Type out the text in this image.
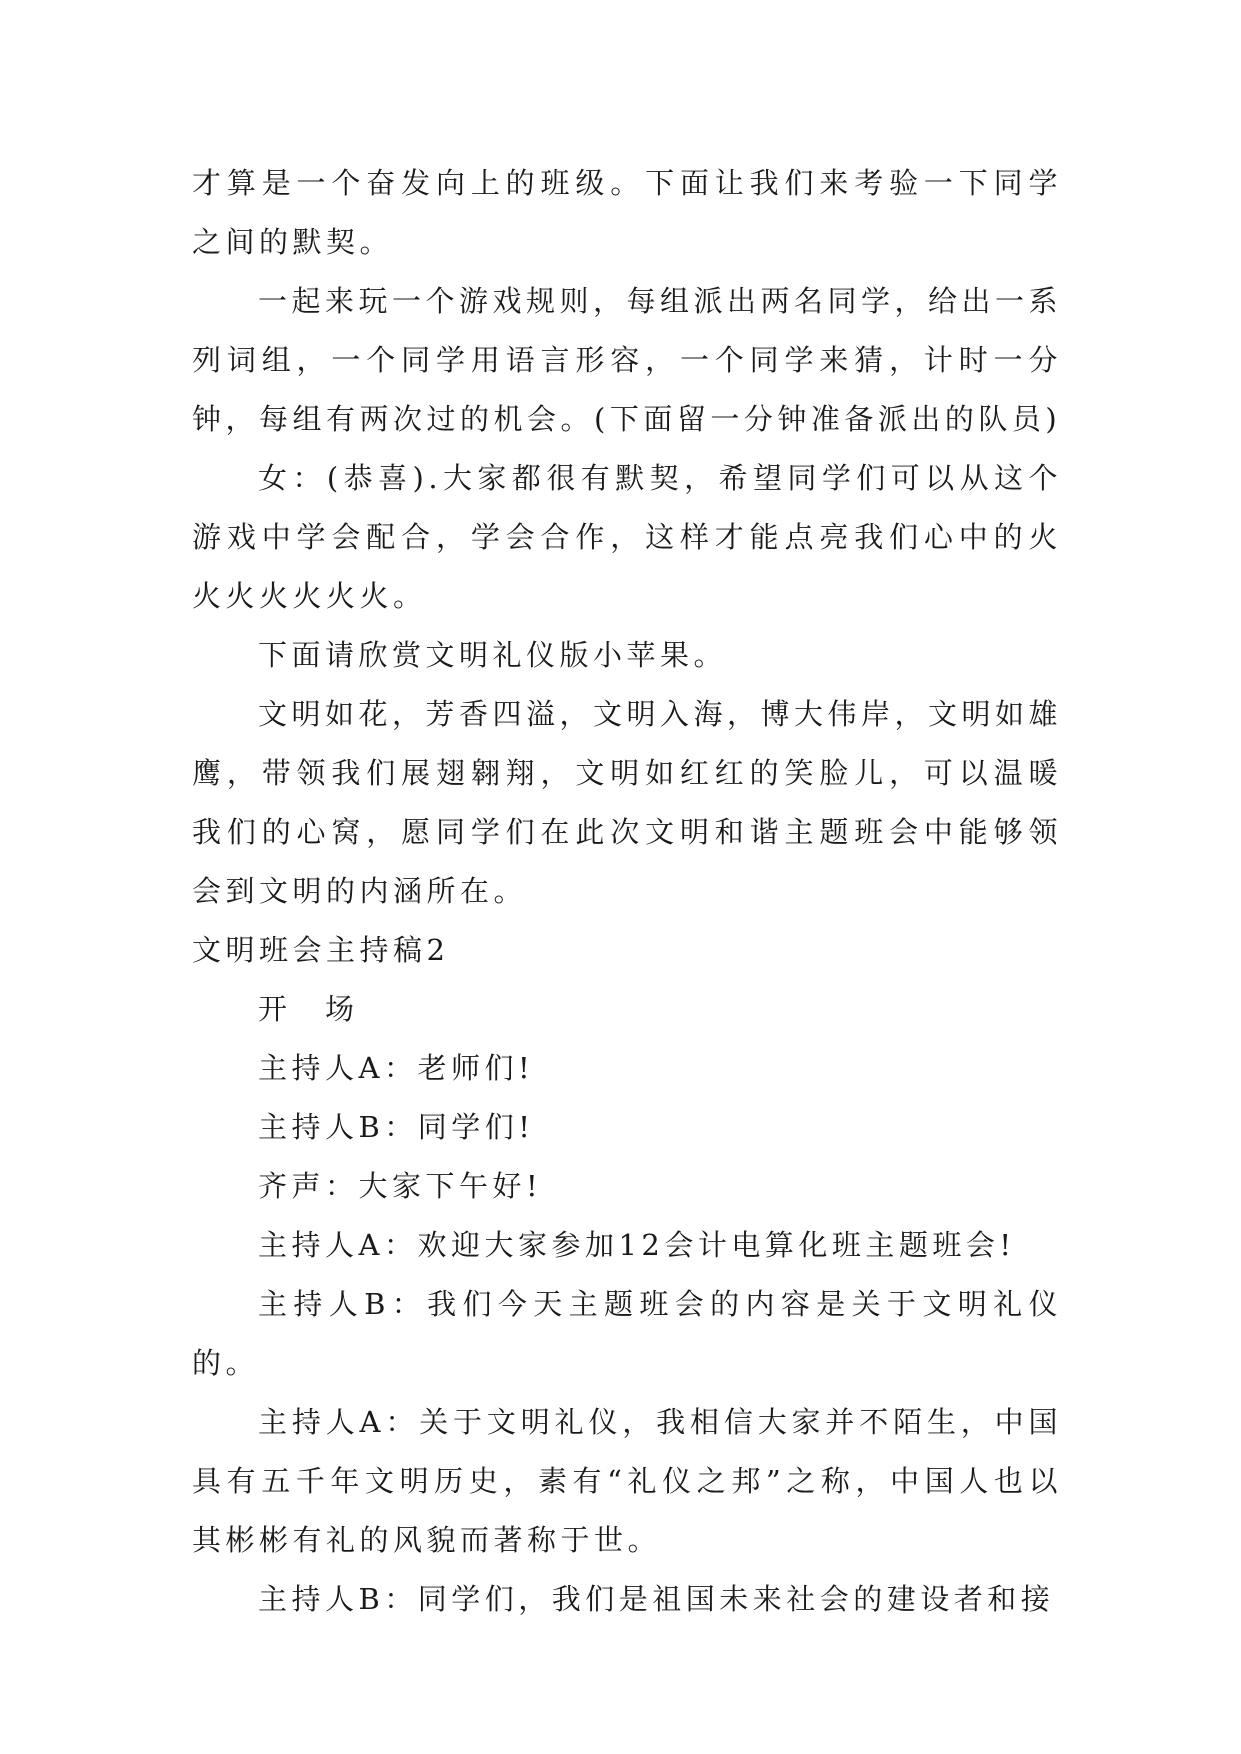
才算是一个奋发向上的班级。下面让我们来考验一下同学之间的默契。

一起来玩一个游戏规则，每组派出两名同学，给出一系列词组，一个同学用语言形容，一个同学来猜，计时一分钟，每组有两次过的机会。(下面留一分钟准备派出的队员)

女：(恭喜).大家都很有默契，希望同学们可以从这个游戏中学会配合，学会合作，这样才能点亮我们心中的火火火火火火火。

下面请欣赏文明礼仪版小苹果。

文明如花，芳香四溢，文明入海，博大伟岸，文明如雄鹰，带领我们展翅翱翔，文明如红红的笑脸儿，可以温暖我们的心窝，愿同学们在此次文明和谐主题班会中能够领会到文明的内涵所在。

文明班会主持稿2

开　场

主持人A：老师们!

主持人B：同学们!

齐声：大家下午好!

主持人A：欢迎大家参加12会计电算化班主题班会!

主持人B：我们今天主题班会的内容是关于文明礼仪的。

主持人A：关于文明礼仪，我相信大家并不陌生，中国具有五千年文明历史，素有“礼仪之邦”之称，中国人也以其彬彬有礼的风貌而著称于世。

主持人B：同学们，我们是祖国未来社会的建设者和接
